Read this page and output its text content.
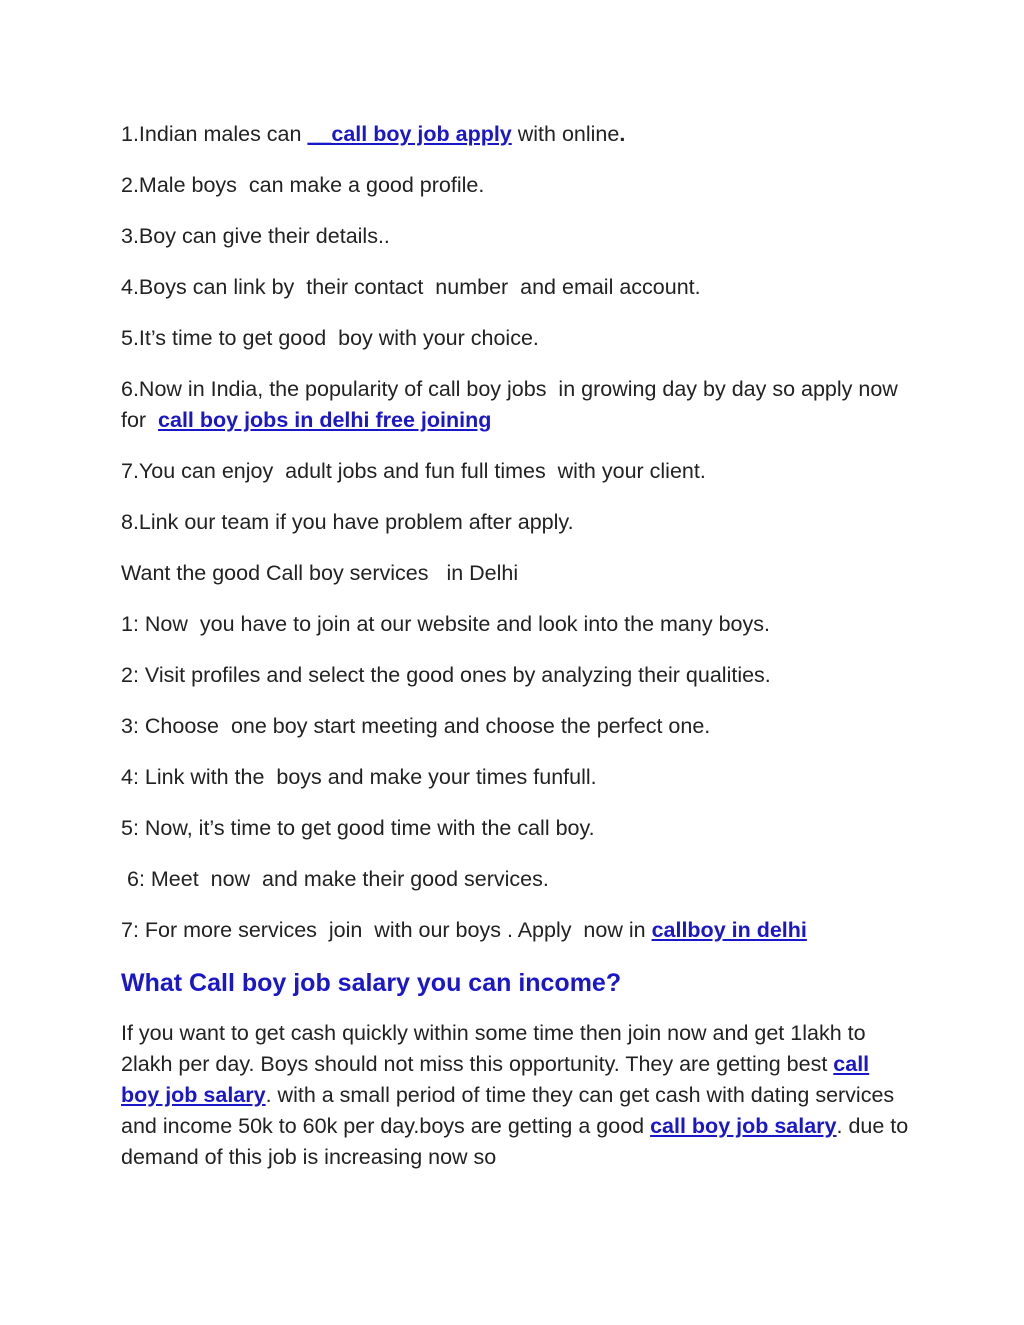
1.Indian males can __call boy job apply with online.

2.Male boys  can make a good profile.

3.Boy can give their details..

4.Boys can link by  their contact  number  and email account.

5.It’s time to get good  boy with your choice.

6.Now in India, the popularity of call boy jobs  in growing day by day so apply now for  call boy jobs in delhi free joining

7.You can enjoy  adult jobs and fun full times  with your client.

8.Link our team if you have problem after apply.

Want the good Call boy services   in Delhi

1: Now  you have to join at our website and look into the many boys.

2: Visit profiles and select the good ones by analyzing their qualities.

3: Choose  one boy start meeting and choose the perfect one.

4: Link with the  boys and make your times funfull.

5: Now, it’s time to get good time with the call boy.

6: Meet  now  and make their good services.

7: For more services  join  with our boys . Apply  now in callboy in delhi

What Call boy job salary you can income?

If you want to get cash quickly within some time then join now and get 1lakh to 2lakh per day. Boys should not miss this opportunity. They are getting best call boy job salary. with a small period of time they can get cash with dating services and income 50k to 60k per day.boys are getting a good call boy job salary. due to demand of this job is increasing now so
